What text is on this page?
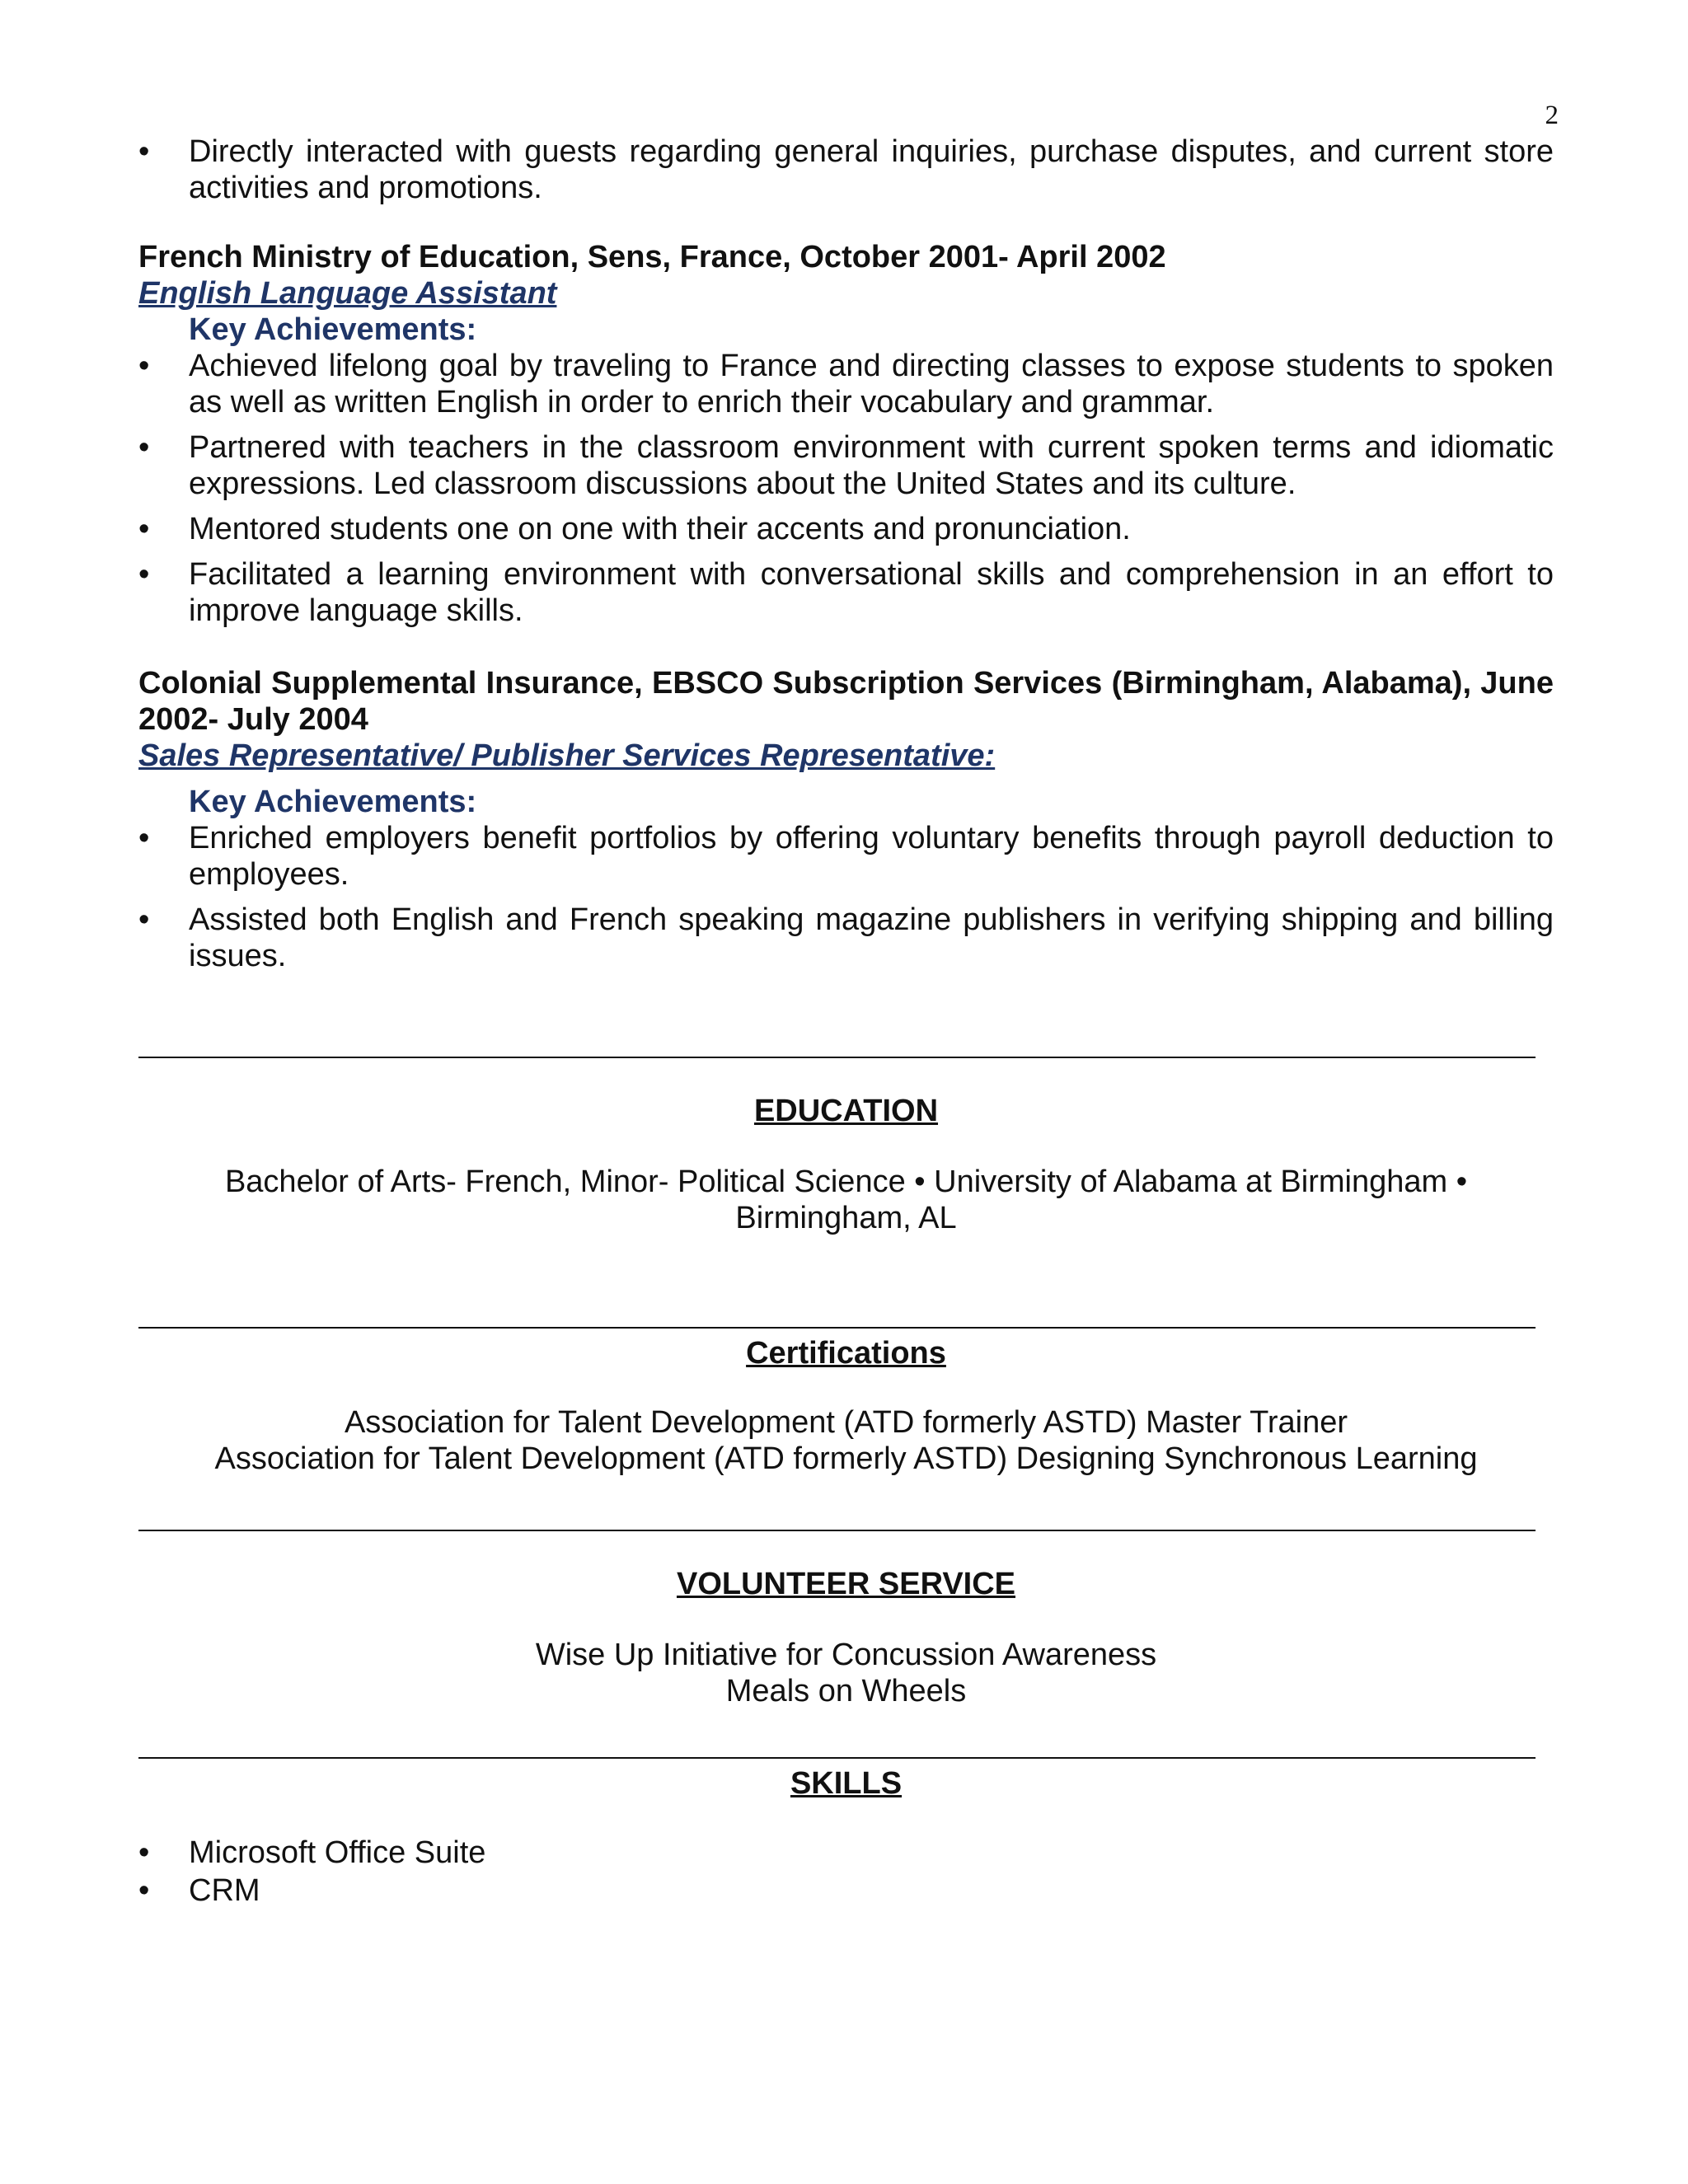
2
• Directly interacted with guests regarding general inquiries, purchase disputes, and current store activities and promotions.
French Ministry of Education, Sens, France, October 2001- April 2002
English Language Assistant
Key Achievements:
• Achieved lifelong goal by traveling to France and directing classes to expose students to spoken as well as written English in order to enrich their vocabulary and grammar.
• Partnered with teachers in the classroom environment with current spoken terms and idiomatic expressions. Led classroom discussions about the United States and its culture.
• Mentored students one on one with their accents and pronunciation.
• Facilitated a learning environment with conversational skills and comprehension in an effort to improve language skills.
Colonial Supplemental Insurance, EBSCO Subscription Services (Birmingham, Alabama), June 2002- July 2004
Sales Representative/ Publisher Services Representative:
Key Achievements:
• Enriched employers benefit portfolios by offering voluntary benefits through payroll deduction to employees.
• Assisted both English and French speaking magazine publishers in verifying shipping and billing issues.
EDUCATION
Bachelor of Arts- French, Minor- Political Science • University of Alabama at Birmingham •
Birmingham, AL
Certifications
Association for Talent Development (ATD formerly ASTD) Master Trainer
Association for Talent Development (ATD formerly ASTD) Designing Synchronous Learning
VOLUNTEER SERVICE
Wise Up Initiative for Concussion Awareness
Meals on Wheels
SKILLS
• Microsoft Office Suite
• CRM
